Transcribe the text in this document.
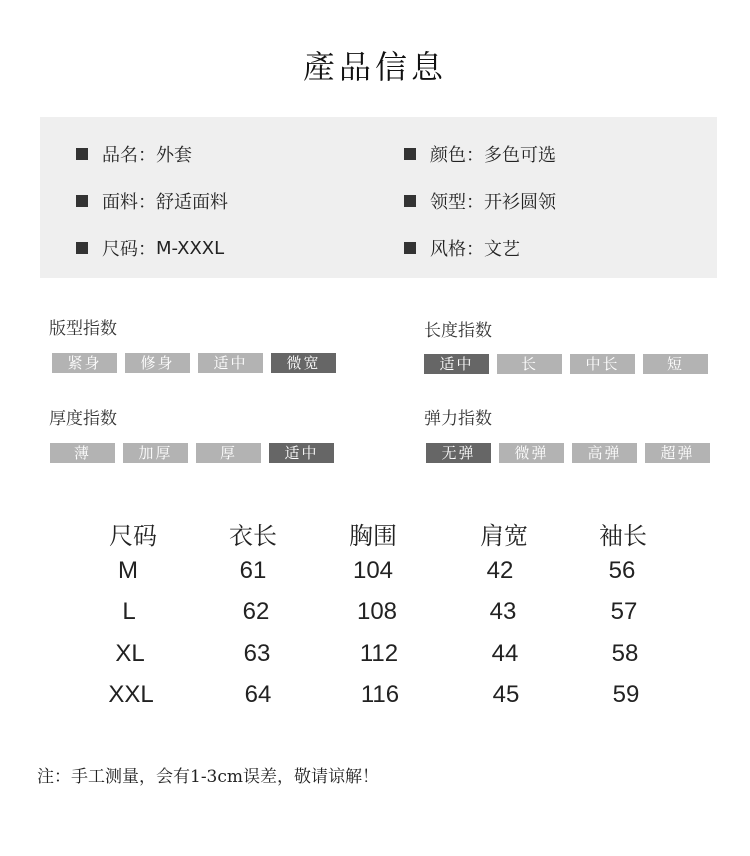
產品信息
品名 ：	外套	颜色 ：	多色可选
面料 ：	舒适面料	领型 ：	开衫圆领
尺码 ：	M-XXXL	风格 ：	文艺
版型指数
紧身	修身	适中	微宽
长度指数
适中	长	中长	短
厚度指数
薄	加厚	厚	适中
弹力指数
无弹	微弹	高弹	超弹
尺码	衣长	胸围	肩宽	袖长
M	61	104	42	56
L	62	108	43	57
XL	63	112	44	58
XXL	64	116	45	59
注：手工测量，会有1-3cm误差，敬请谅解！
